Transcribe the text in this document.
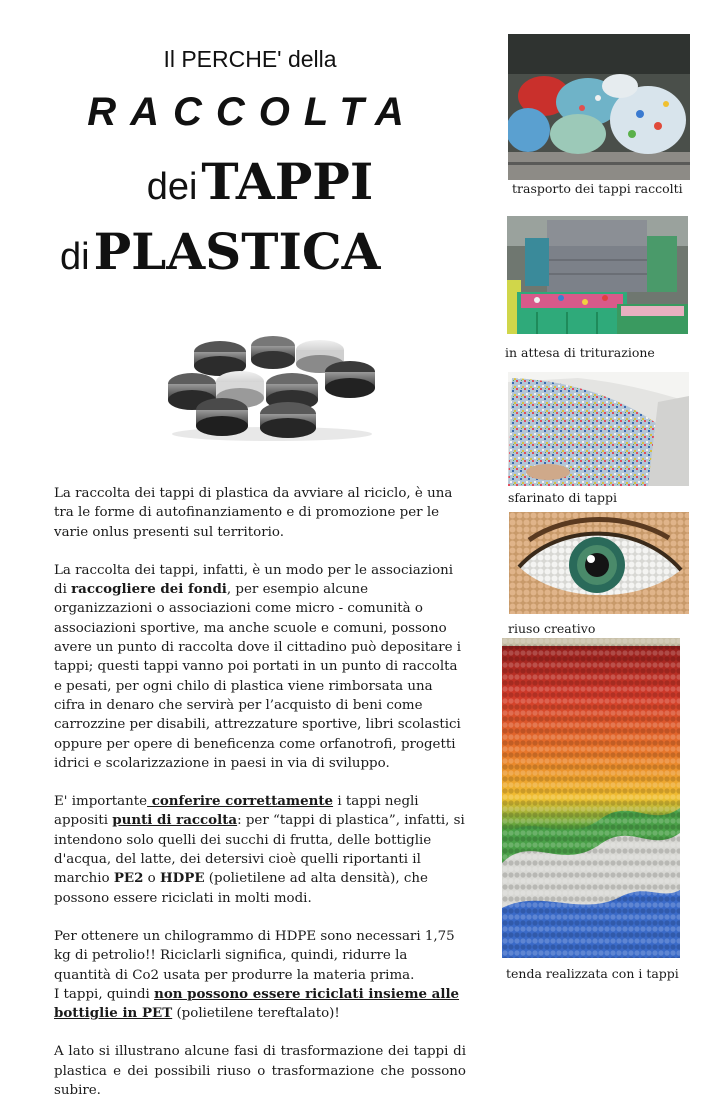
Il PERCHE' della
RACCOLTA
dei TAPPI
di PLASTICA

La raccolta dei tappi di plastica da avviare al riciclo, è una tra le forme di autofinanziamento e di promozione per le varie onlus presenti sul territorio.

La raccolta dei tappi, infatti, è un modo per le associazioni di raccogliere dei fondi, per esempio alcune organizzazioni o associazioni come micro - comunità o associazioni sportive, ma anche scuole e comuni, possono avere un punto di raccolta dove il cittadino può depositare i tappi; questi tappi vanno poi portati in un punto di raccolta e pesati, per ogni chilo di plastica viene rimborsata una cifra in denaro che servirà per l’acquisto di beni come carrozzine per disabili, attrezzature sportive, libri scolastici oppure per opere di beneficenza come orfanotrofi, progetti idrici e scolarizzazione in paesi in via di sviluppo.

E' importante conferire correttamente i tappi negli appositi punti di raccolta: per “tappi di plastica”, infatti, si intendono solo quelli dei succhi di frutta, delle bottiglie d'acqua, del latte, dei detersivi cioè quelli riportanti il marchio PE2 o HDPE (polietilene ad alta densità), che possono essere riciclati in molti modi.

Per ottenere un chilogrammo di HDPE sono necessari 1,75 kg di petrolio!! Riciclarli significa, quindi, ridurre la quantità di Co2 usata per produrre la materia prima.

I tappi, quindi non possono essere riciclati insieme alle bottiglie in PET (polietilene tereftalato)!

A lato si illustrano alcune fasi di trasformazione dei tappi di plastica e dei possibili riuso o trasformazione che possono subire.

trasporto dei tappi raccolti
in attesa di triturazione
sfarinato di tappi
riuso creativo
tenda realizzata con i tappi
